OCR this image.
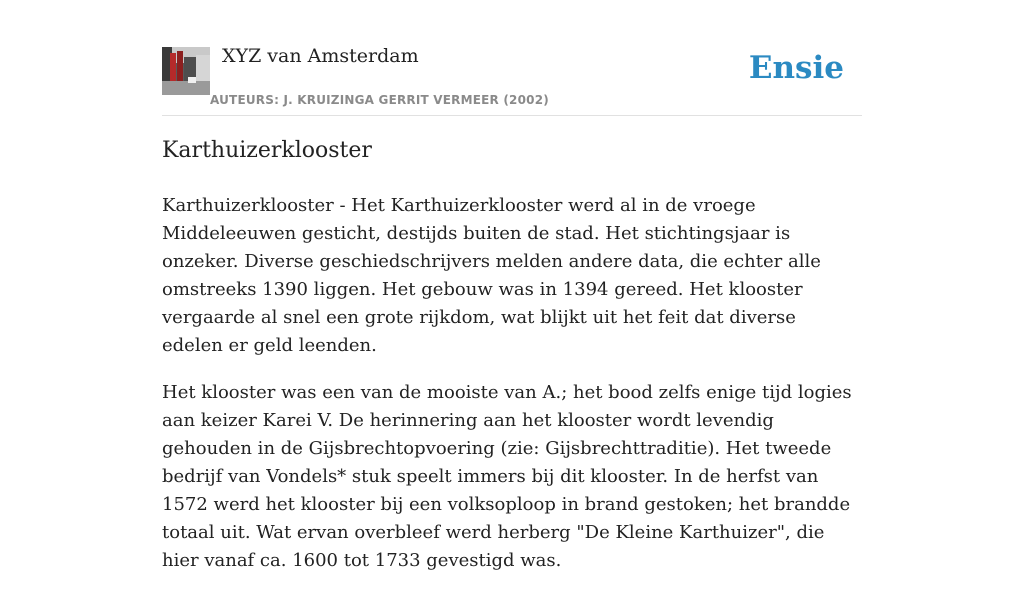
XYZ van Amsterdam
AUTEURS: J. KRUIZINGA GERRIT VERMEER (2002)
Ensie
Karthuizerklooster

Karthuizerklooster - Het Karthuizerklooster werd al in de vroege Middeleeuwen gesticht, destijds buiten de stad. Het stichtingsjaar is onzeker. Diverse geschiedschrijvers melden andere data, die echter alle omstreeks 1390 liggen. Het gebouw was in 1394 gereed. Het klooster vergaarde al snel een grote rijkdom, wat blijkt uit het feit dat diverse edelen er geld leenden.

Het klooster was een van de mooiste van A.; het bood zelfs enige tijd logies aan keizer Karei V. De herinnering aan het klooster wordt levendig gehouden in de Gijsbrechtopvoering (zie: Gijsbrechttraditie). Het tweede bedrijf van Vondels* stuk speelt immers bij dit klooster. In de herfst van 1572 werd het klooster bij een volksoploop in brand gestoken; het brandde totaal uit. Wat ervan overbleef werd herberg "De Kleine Karthuizer", die hier vanaf ca. 1600 tot 1733 gevestigd was.
